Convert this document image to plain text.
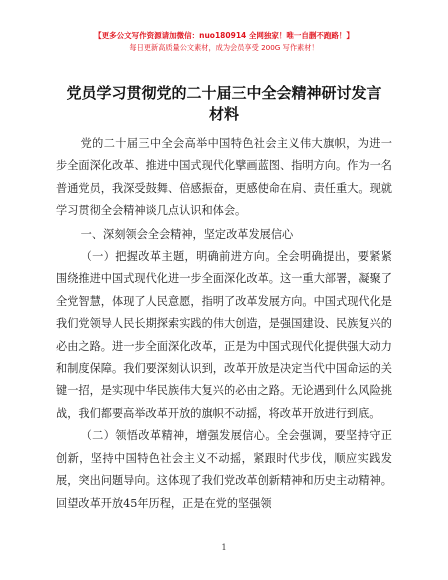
【更多公文写作资源请加微信：nuo180914 全网独家！唯一自删不跑路！】
每日更新高质量公文素材，成为会员享受 200G 写作素材！
党员学习贯彻党的二十届三中全会精神研讨发言材料

党的二十届三中全会高举中国特色社会主义伟大旗帜，为进一步全面深化改革、推进中国式现代化擘画蓝图、指明方向。作为一名普通党员，我深受鼓舞、倍感振奋，更感使命在肩、责任重大。现就学习贯彻全会精神谈几点认识和体会。

一、深刻领会全会精神，坚定改革发展信心

（一）把握改革主题，明确前进方向。全会明确提出，要紧紧围绕推进中国式现代化进一步全面深化改革。这一重大部署，凝聚了全党智慧，体现了人民意愿，指明了改革发展方向。中国式现代化是我们党领导人民长期探索实践的伟大创造，是强国建设、民族复兴的必由之路。进一步全面深化改革，正是为中国式现代化提供强大动力和制度保障。我们要深刻认识到，改革开放是决定当代中国命运的关键一招，是实现中华民族伟大复兴的必由之路。无论遇到什么风险挑战，我们都要高举改革开放的旗帜不动摇，将改革开放进行到底。

（二）领悟改革精神，增强发展信心。全会强调，要坚持守正创新，坚持中国特色社会主义不动摇，紧跟时代步伐，顺应实践发展，突出问题导向。这体现了我们党改革创新精神和历史主动精神。回望改革开放45年历程，正是在党的坚强领

1
